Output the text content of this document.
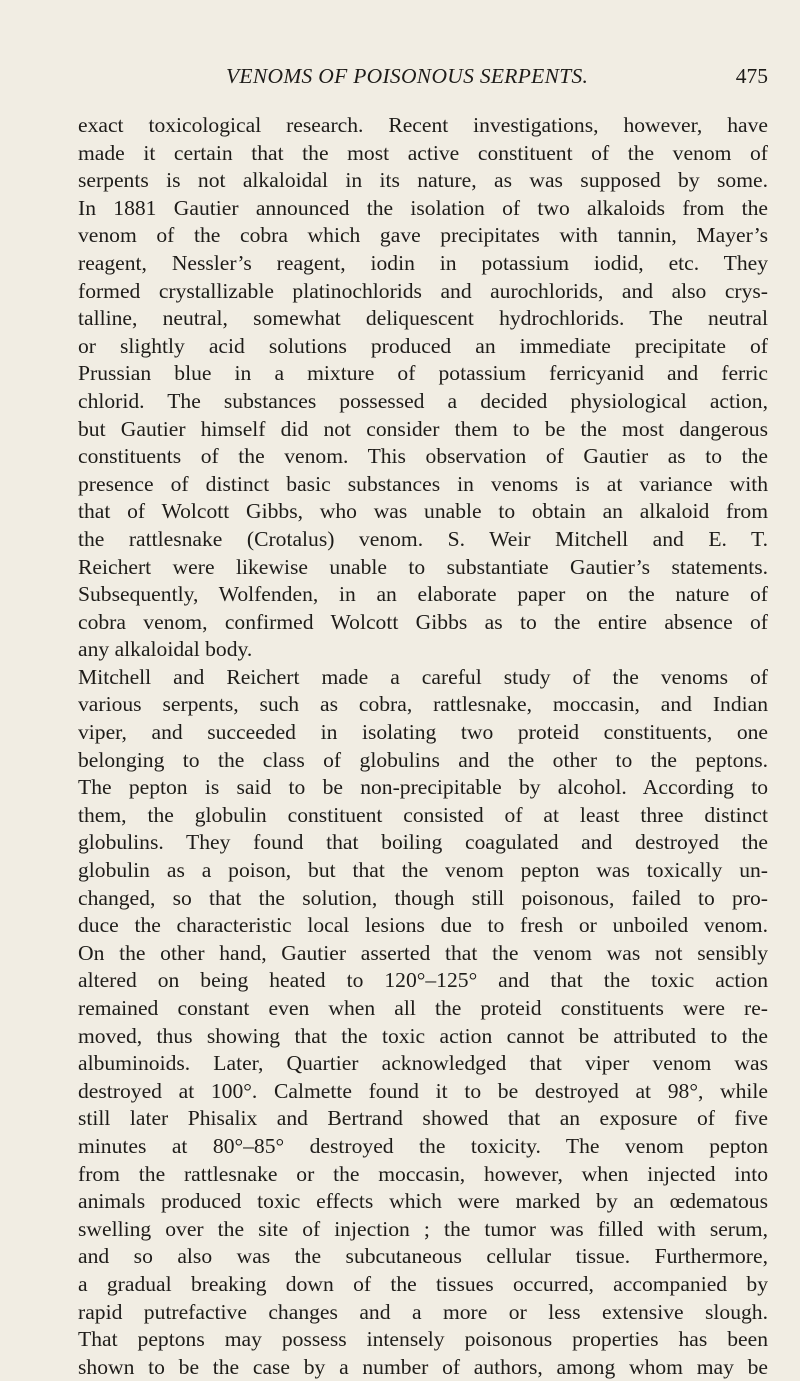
VENOMS OF POISONOUS SERPENTS.	475
exact toxicological research. Recent investigations, however, have
made it certain that the most active constituent of the venom of
serpents is not alkaloidal in its nature, as was supposed by some.
In 1881 Gautier announced the isolation of two alkaloids from the
venom of the cobra which gave precipitates with tannin, Mayer’s
reagent, Nessler’s reagent, iodin in potassium iodid, etc. They
formed crystallizable platinochlorids and aurochlorids, and also crys-
talline, neutral, somewhat deliquescent hydrochlorids. The neutral
or slightly acid solutions produced an immediate precipitate of
Prussian blue in a mixture of potassium ferricyanid and ferric
chlorid. The substances possessed a decided physiological action,
but Gautier himself did not consider them to be the most dangerous
constituents of the venom. This observation of Gautier as to the
presence of distinct basic substances in venoms is at variance with
that of Wolcott Gibbs, who was unable to obtain an alkaloid from
the rattlesnake (Crotalus) venom. S. Weir Mitchell and E. T.
Reichert were likewise unable to substantiate Gautier’s statements.
Subsequently, Wolfenden, in an elaborate paper on the nature of
cobra venom, confirmed Wolcott Gibbs as to the entire absence of
any alkaloidal body.
Mitchell and Reichert made a careful study of the venoms of
various serpents, such as cobra, rattlesnake, moccasin, and Indian
viper, and succeeded in isolating two proteid constituents, one
belonging to the class of globulins and the other to the peptons.
The pepton is said to be non-precipitable by alcohol. According to
them, the globulin constituent consisted of at least three distinct
globulins. They found that boiling coagulated and destroyed the
globulin as a poison, but that the venom pepton was toxically un-
changed, so that the solution, though still poisonous, failed to pro-
duce the characteristic local lesions due to fresh or unboiled venom.
On the other hand, Gautier asserted that the venom was not sensibly
altered on being heated to 120°–125° and that the toxic action
remained constant even when all the proteid constituents were re-
moved, thus showing that the toxic action cannot be attributed to the
albuminoids. Later, Quartier acknowledged that viper venom was
destroyed at 100°. Calmette found it to be destroyed at 98°, while
still later Phisalix and Bertrand showed that an exposure of five
minutes at 80°–85° destroyed the toxicity. The venom pepton
from the rattlesnake or the moccasin, however, when injected into
animals produced toxic effects which were marked by an œdematous
swelling over the site of injection ; the tumor was filled with serum,
and so also was the subcutaneous cellular tissue. Furthermore,
a gradual breaking down of the tissues occurred, accompanied by
rapid putrefactive changes and a more or less extensive slough.
That peptons may possess intensely poisonous properties has been
shown to be the case by a number of authors, among whom may be
